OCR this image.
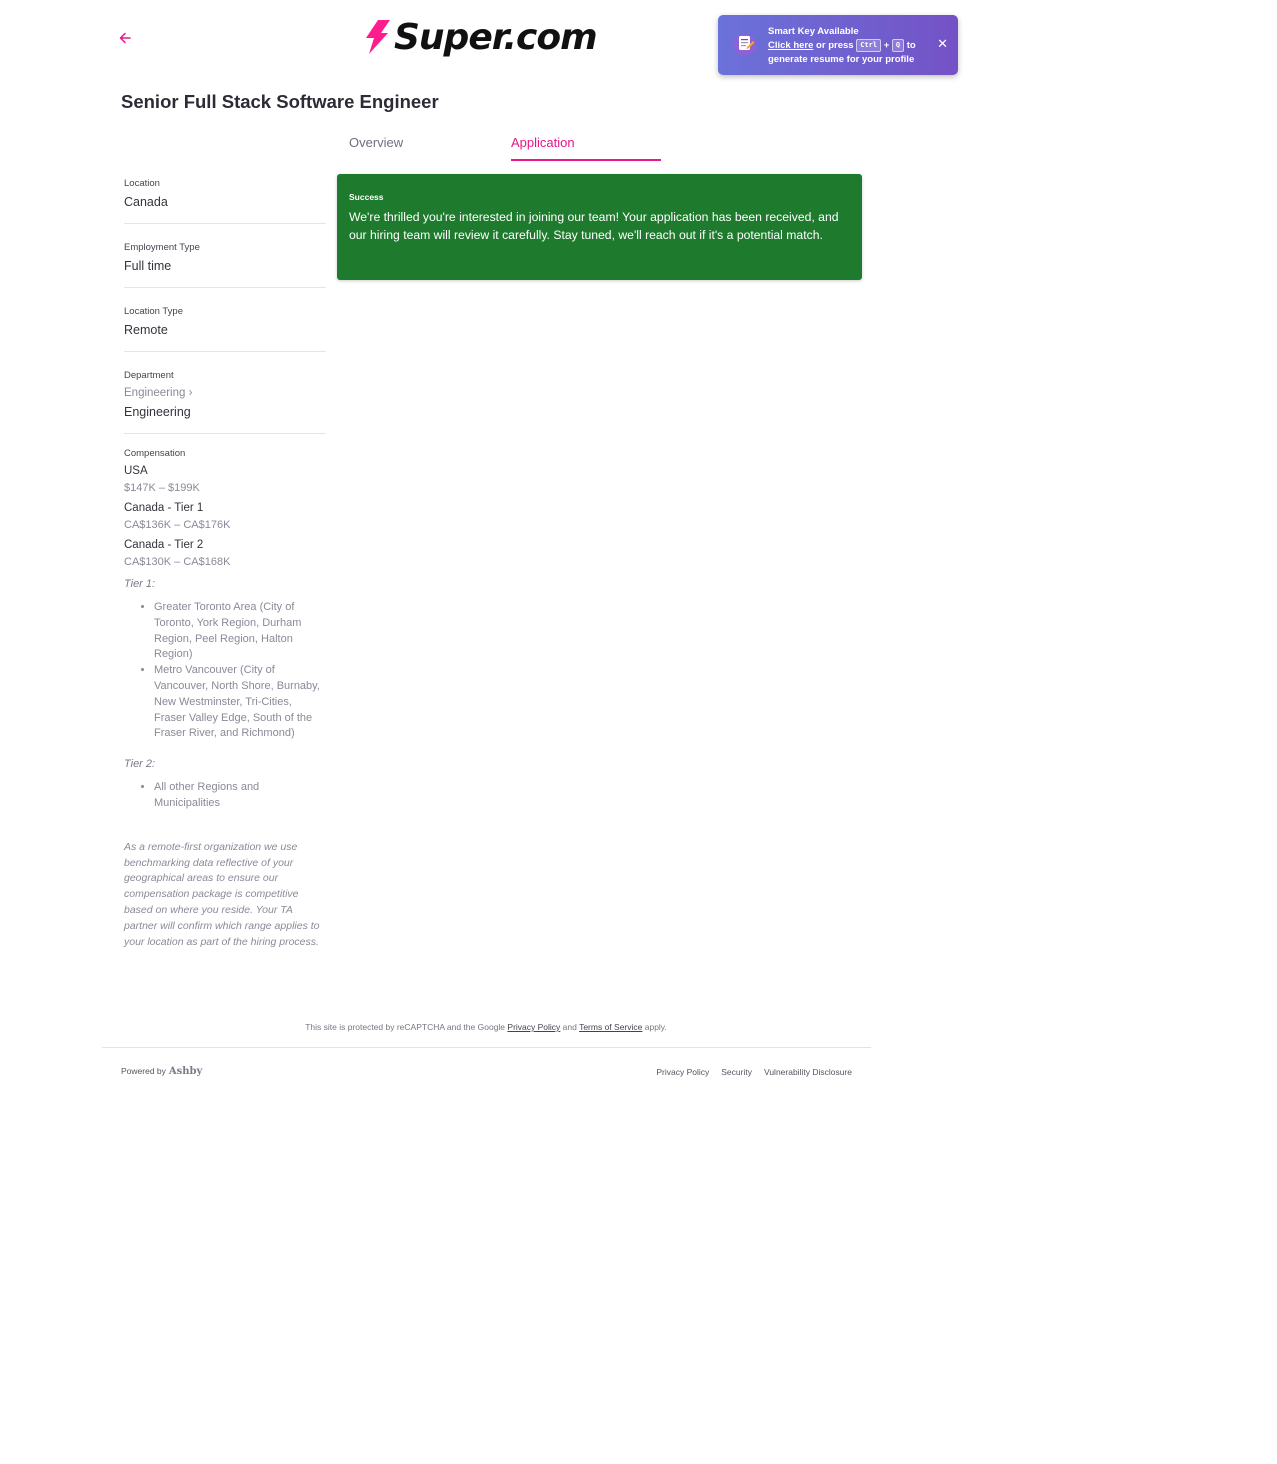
Super.com	Smart Key Available
Click here or press Ctrl + Q to
generate resume for your profile
✕
Senior Full Stack Software Engineer
Overview	Application
Location
Canada
Employment Type
Full time
Location Type
Remote
Department
Engineering ›
Engineering
Compensation
USA
$147K – $199K
Canada - Tier 1
CA$136K – CA$176K
Canada - Tier 2
CA$130K – CA$168K
Tier 1:
• Greater Toronto Area (City of Toronto, York Region, Durham Region, Peel Region, Halton Region)
• Metro Vancouver (City of Vancouver, North Shore, Burnaby, New Westminster, Tri-Cities, Fraser Valley Edge, South of the Fraser River, and Richmond)
Tier 2:
• All other Regions and Municipalities

As a remote-first organization we use benchmarking data reflective of your geographical areas to ensure our compensation package is competitive based on where you reside. Your TA partner will confirm which range applies to your location as part of the hiring process.

Success
We're thrilled you're interested in joining our team! Your application has been received, and our hiring team will review it carefully. Stay tuned, we'll reach out if it's a potential match.
This site is protected by reCAPTCHA and the Google Privacy Policy and Terms of Service apply.
Powered by Ashby	Privacy Policy Security Vulnerability Disclosure
